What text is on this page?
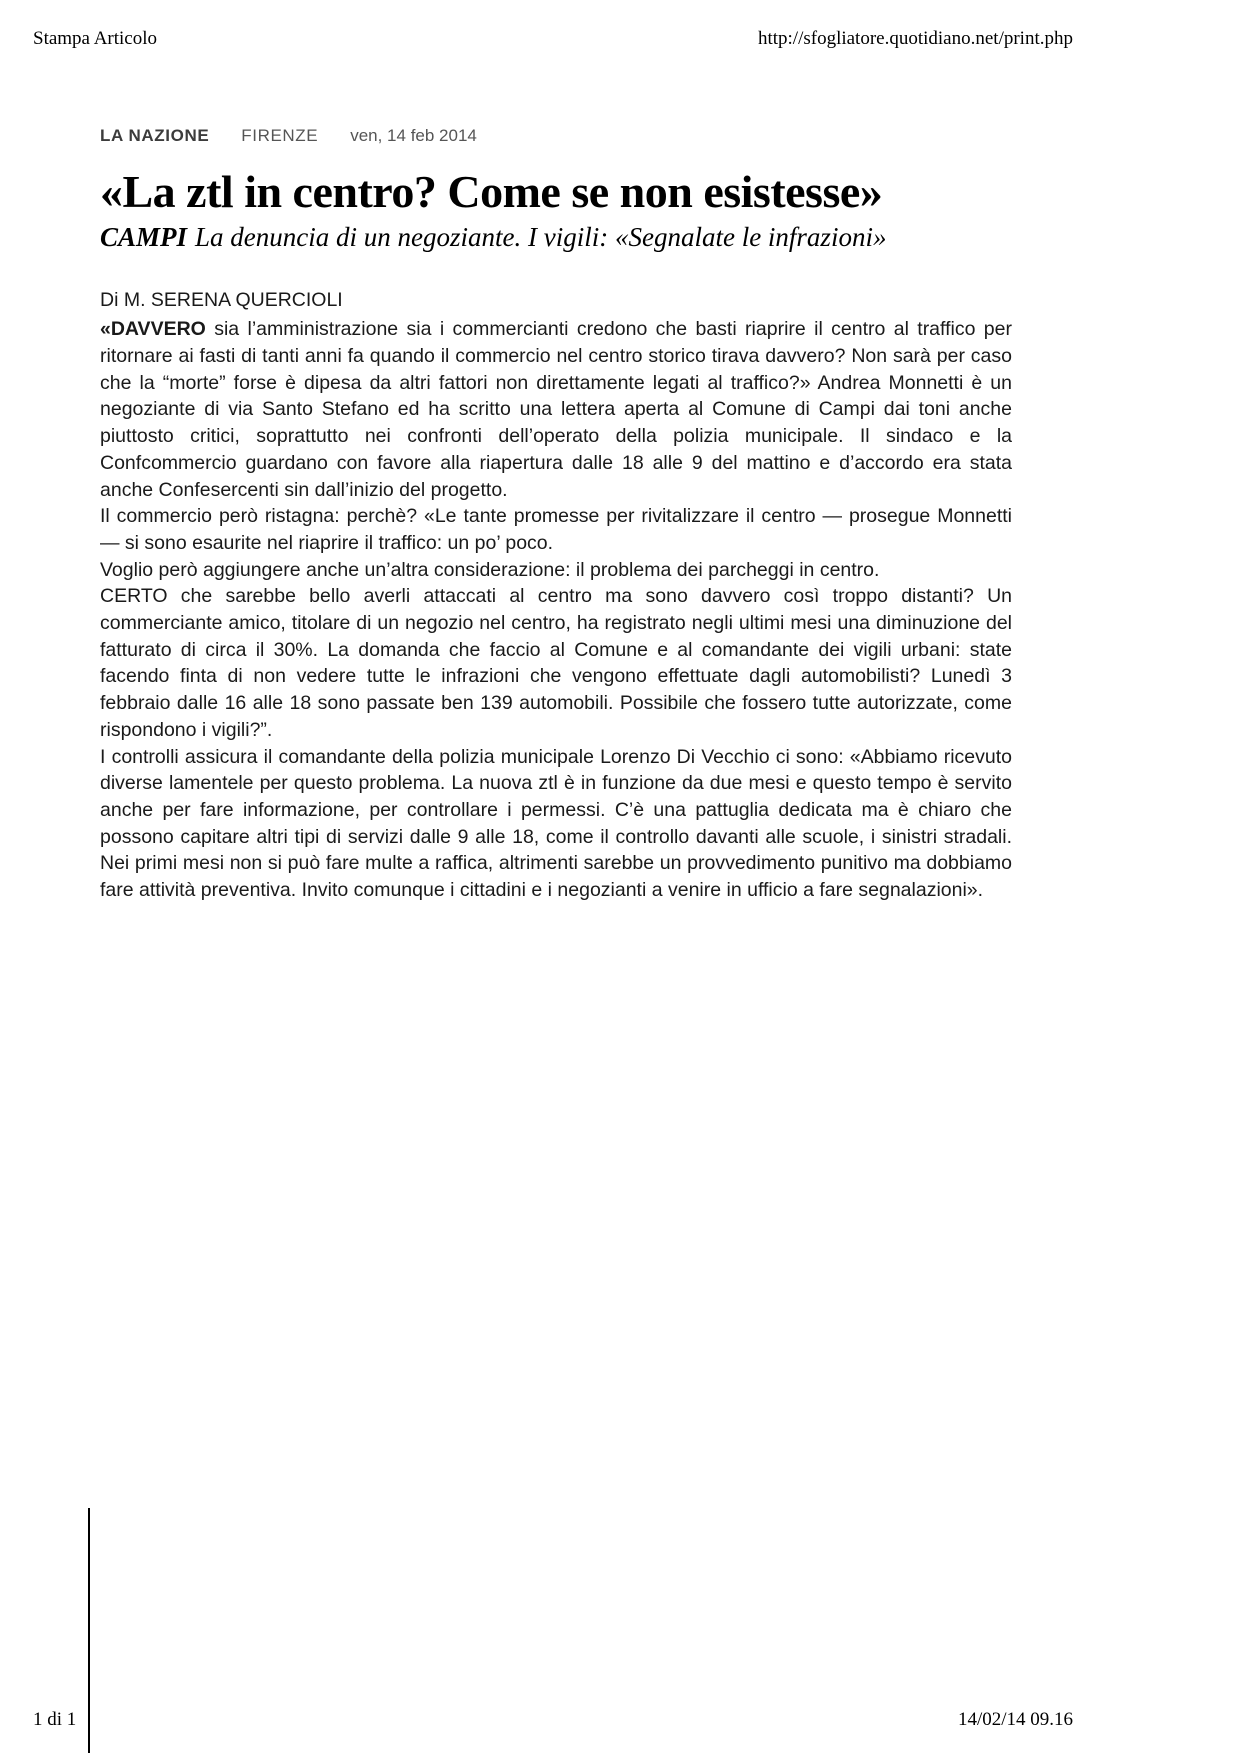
Stampa Articolo	http://sfogliatore.quotidiano.net/print.php
LA NAZIONE FIRENZE ven, 14 feb 2014
«La ztl in centro? Come se non esistesse»
CAMPI La denuncia di un negoziante. I vigili: «Segnalate le infrazioni»
Di M. SERENA QUERCIOLI

«DAVVERO sia l’amministrazione sia i commercianti credono che basti riaprire il centro al traffico per ritornare ai fasti di tanti anni fa quando il commercio nel centro storico tirava davvero? Non sarà per caso che la “morte” forse è dipesa da altri fattori non direttamente legati al traffico?» Andrea Monnetti è un negoziante di via Santo Stefano ed ha scritto una lettera aperta al Comune di Campi dai toni anche piuttosto critici, soprattutto nei confronti dell’operato della polizia municipale. Il sindaco e la Confcommercio guardano con favore alla riapertura dalle 18 alle 9 del mattino e d’accordo era stata anche Confesercenti sin dall’inizio del progetto.

Il commercio però ristagna: perchè? «Le tante promesse per rivitalizzare il centro — prosegue Monnetti — si sono esaurite nel riaprire il traffico: un po’ poco.

Voglio però aggiungere anche un’altra considerazione: il problema dei parcheggi in centro.

CERTO che sarebbe bello averli attaccati al centro ma sono davvero così troppo distanti? Un commerciante amico, titolare di un negozio nel centro, ha registrato negli ultimi mesi una diminuzione del fatturato di circa il 30%. La domanda che faccio al Comune e al comandante dei vigili urbani: state facendo finta di non vedere tutte le infrazioni che vengono effettuate dagli automobilisti? Lunedì 3 febbraio dalle 16 alle 18 sono passate ben 139 automobili. Possibile che fossero tutte autorizzate, come rispondono i vigili?”.

I controlli assicura il comandante della polizia municipale Lorenzo Di Vecchio ci sono: «Abbiamo ricevuto diverse lamentele per questo problema. La nuova ztl è in funzione da due mesi e questo tempo è servito anche per fare informazione, per controllare i permessi. C’è una pattuglia dedicata ma è chiaro che possono capitare altri tipi di servizi dalle 9 alle 18, come il controllo davanti alle scuole, i sinistri stradali. Nei primi mesi non si può fare multe a raffica, altrimenti sarebbe un provvedimento punitivo ma dobbiamo fare attività preventiva. Invito comunque i cittadini e i negozianti a venire in ufficio a fare segnalazioni».

1 di 1	14/02/14 09.16
